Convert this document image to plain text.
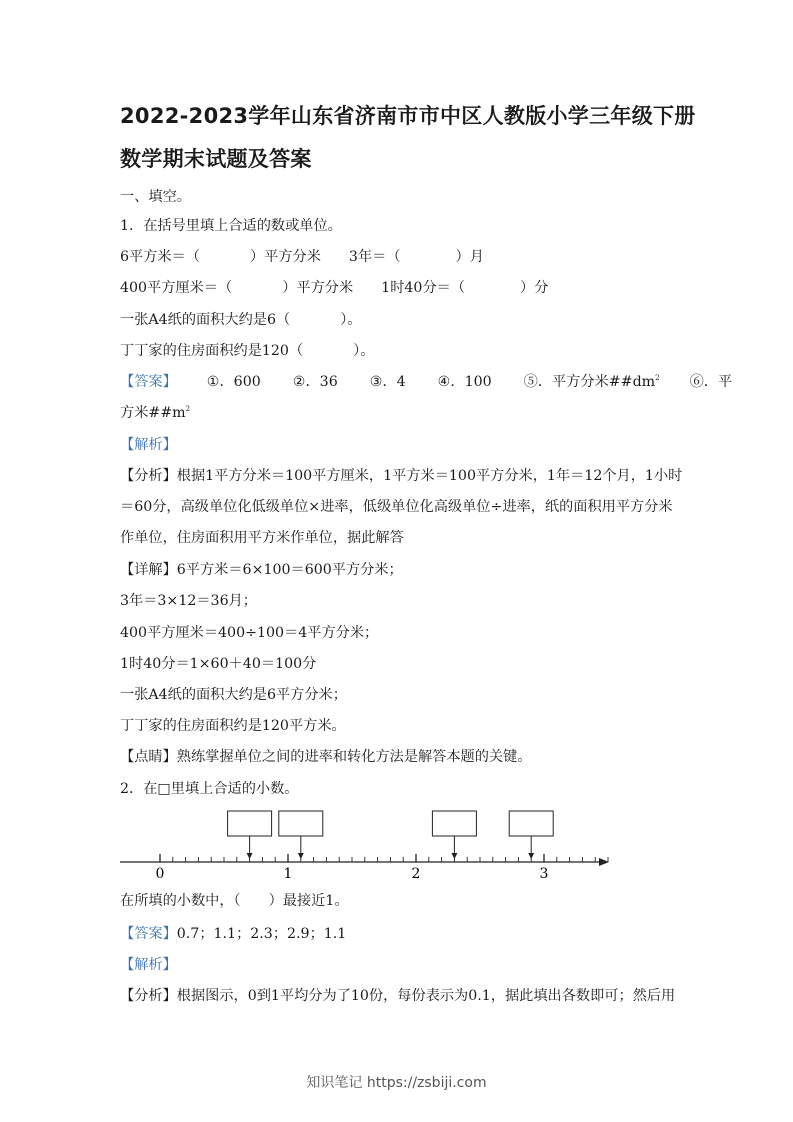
2022-2023学年山东省济南市市中区人教版小学三年级下册
数学期末试题及答案
一、填空。
1．在括号里填上合适的数或单位。
6平方米＝（	）平方分米 3年＝（	）月
400平方厘米＝（	）平方分米 1时40分＝（	）分
一张A4纸的面积大约是6（	）。
丁丁家的住房面积约是120（	）。
【答案】 ①．600 ②．36 ③．4 ④．100 ⑤．平方分米$\#\#dm^2$ ⑥．平
方米$\#\#m^2$
【解析】
【分析】根据1平方分米＝100平方厘米，1平方米＝100平方分米，1年＝12个月，1小时
＝60分，高级单位化低级单位×进率，低级单位化高级单位÷进率，纸的面积用平方分米
作单位，住房面积用平方米作单位，据此解答
【详解】6平方米＝6×100＝600平方分米；
3年＝3×12＝36月；
400平方厘米＝400÷100＝4平方分米；
1时40分＝1×60＋40＝100分
一张A4纸的面积大约是6平方分米；
丁丁家的住房面积约是120平方米。
【点睛】熟练掌握单位之间的进率和转化方法是解答本题的关键。
2．在□里填上合适的小数。
0	1	2	3
在所填的小数中，（ ）最接近1。
【答案】0.7；1.1；2.3；2.9；1.1
【解析】
【分析】根据图示，0到1平均分为了10份，每份表示为0.1，据此填出各数即可；然后用
知识笔记 https://zsbiji.com
